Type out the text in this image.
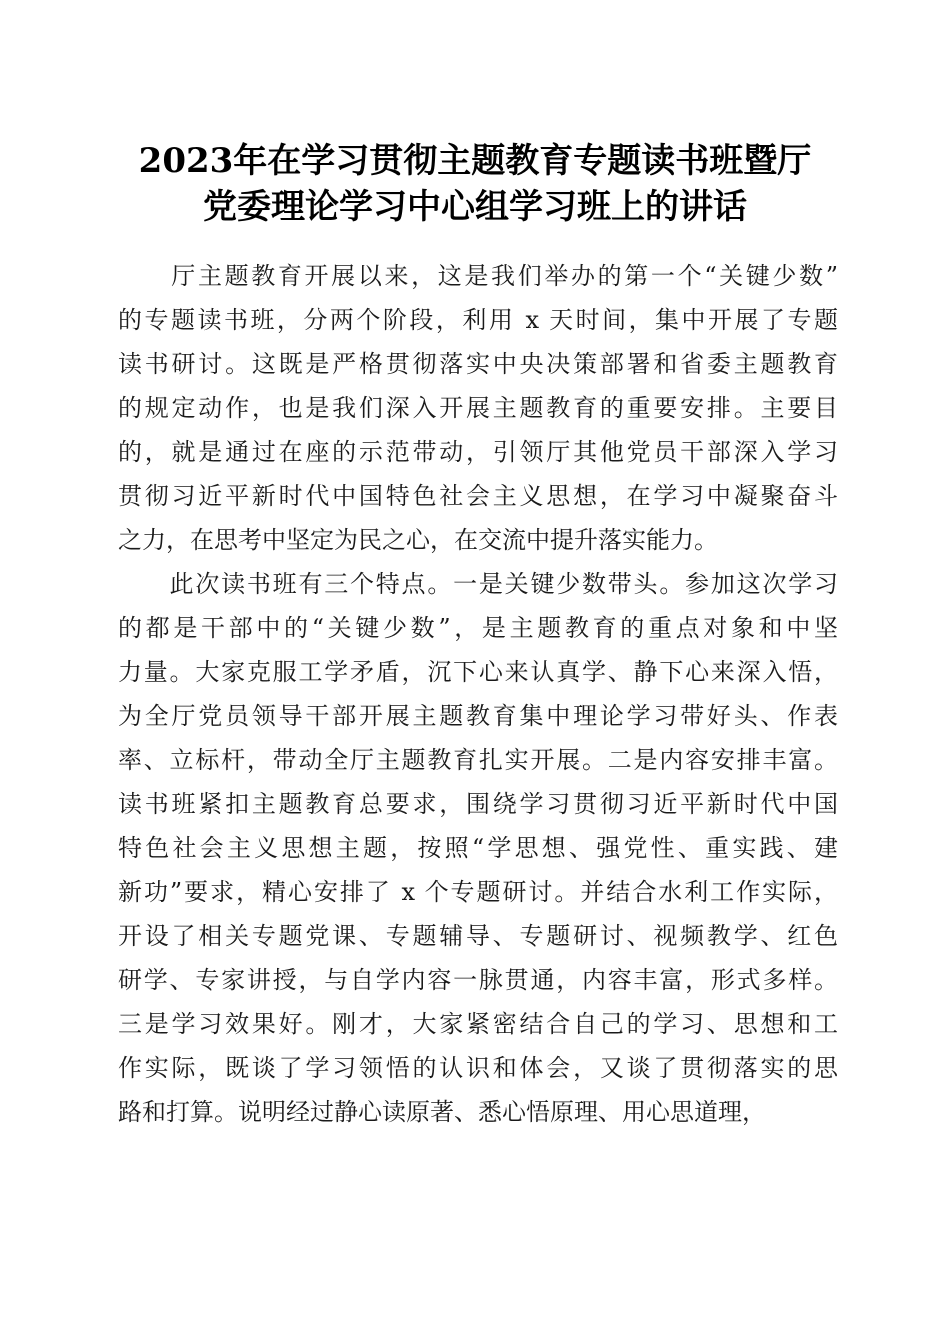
2023年在学习贯彻主题教育专题读书班暨厅
党委理论学习中心组学习班上的讲话
　　厅主题教育开展以来，这是我们举办的第一个“关键少数”
的专题读书班，分两个阶段，利用 x 天时间，集中开展了专题
读书研讨。这既是严格贯彻落实中央决策部署和省委主题教育
的规定动作，也是我们深入开展主题教育的重要安排。主要目
的，就是通过在座的示范带动，引领厅其他党员干部深入学习
贯彻习近平新时代中国特色社会主义思想，在学习中凝聚奋斗
之力，在思考中坚定为民之心，在交流中提升落实能力。
　　此次读书班有三个特点。一是关键少数带头。参加这次学习
的都是干部中的“关键少数”，是主题教育的重点对象和中坚
力量。大家克服工学矛盾，沉下心来认真学、静下心来深入悟，
为全厅党员领导干部开展主题教育集中理论学习带好头、作表
率、立标杆，带动全厅主题教育扎实开展。二是内容安排丰富。
读书班紧扣主题教育总要求，围绕学习贯彻习近平新时代中国
特色社会主义思想主题，按照“学思想、强党性、重实践、建
新功”要求，精心安排了 x 个专题研讨。并结合水利工作实际，
开设了相关专题党课、专题辅导、专题研讨、视频教学、红色
研学、专家讲授，与自学内容一脉贯通，内容丰富，形式多样。
三是学习效果好。刚才，大家紧密结合自己的学习、思想和工
作实际，既谈了学习领悟的认识和体会，又谈了贯彻落实的思
路和打算。说明经过静心读原著、悉心悟原理、用心思道理，
